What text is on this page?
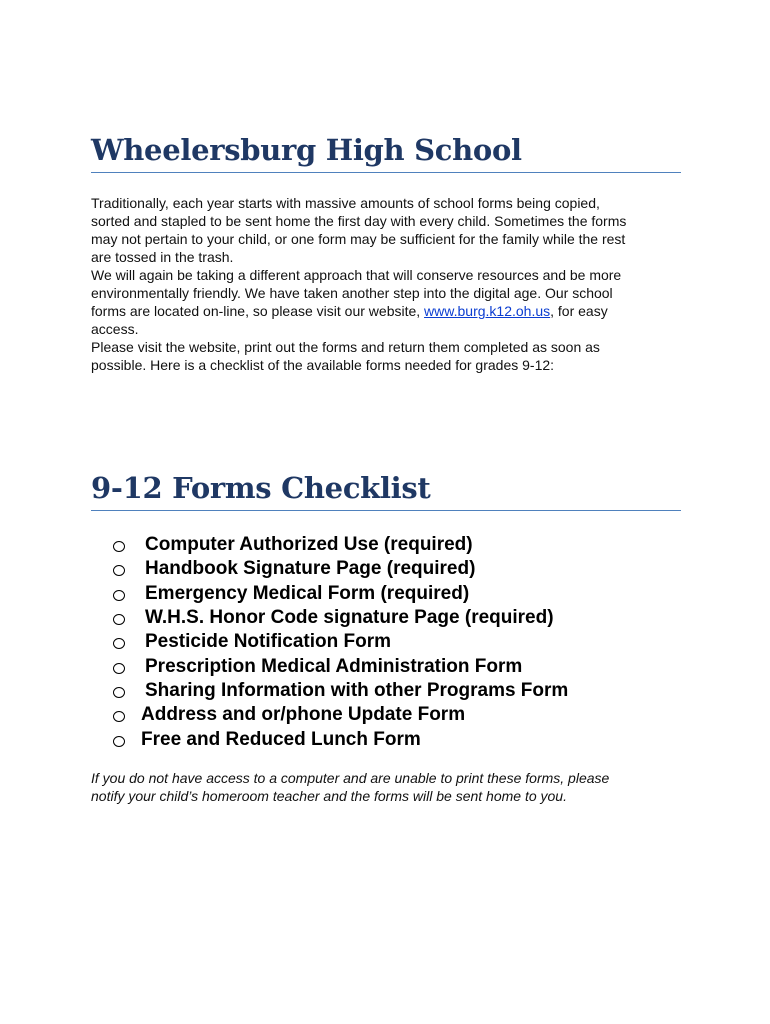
Wheelersburg High School
Traditionally, each year starts with massive amounts of school forms being copied,
sorted and stapled to be sent home the first day with every child. Sometimes the forms
may not pertain to your child, or one form may be sufficient for the family while the rest
are tossed in the trash.
We will again be taking a different approach that will conserve resources and be more
environmentally friendly. We have taken another step into the digital age. Our school
forms are located on-line, so please visit our website, www.burg.k12.oh.us, for easy
access.
Please visit the website, print out the forms and return them completed as soon as
possible. Here is a checklist of the available forms needed for grades 9-12:
9-12 Forms Checklist
Computer Authorized Use (required)
Handbook Signature Page (required)
Emergency Medical Form (required)
W.H.S. Honor Code signature Page (required)
Pesticide Notification Form
Prescription Medical Administration Form
Sharing Information with other Programs Form
Address and or/phone Update Form
Free and Reduced Lunch Form
If you do not have access to a computer and are unable to print these forms, please
notify your child’s homeroom teacher and the forms will be sent home to you.
